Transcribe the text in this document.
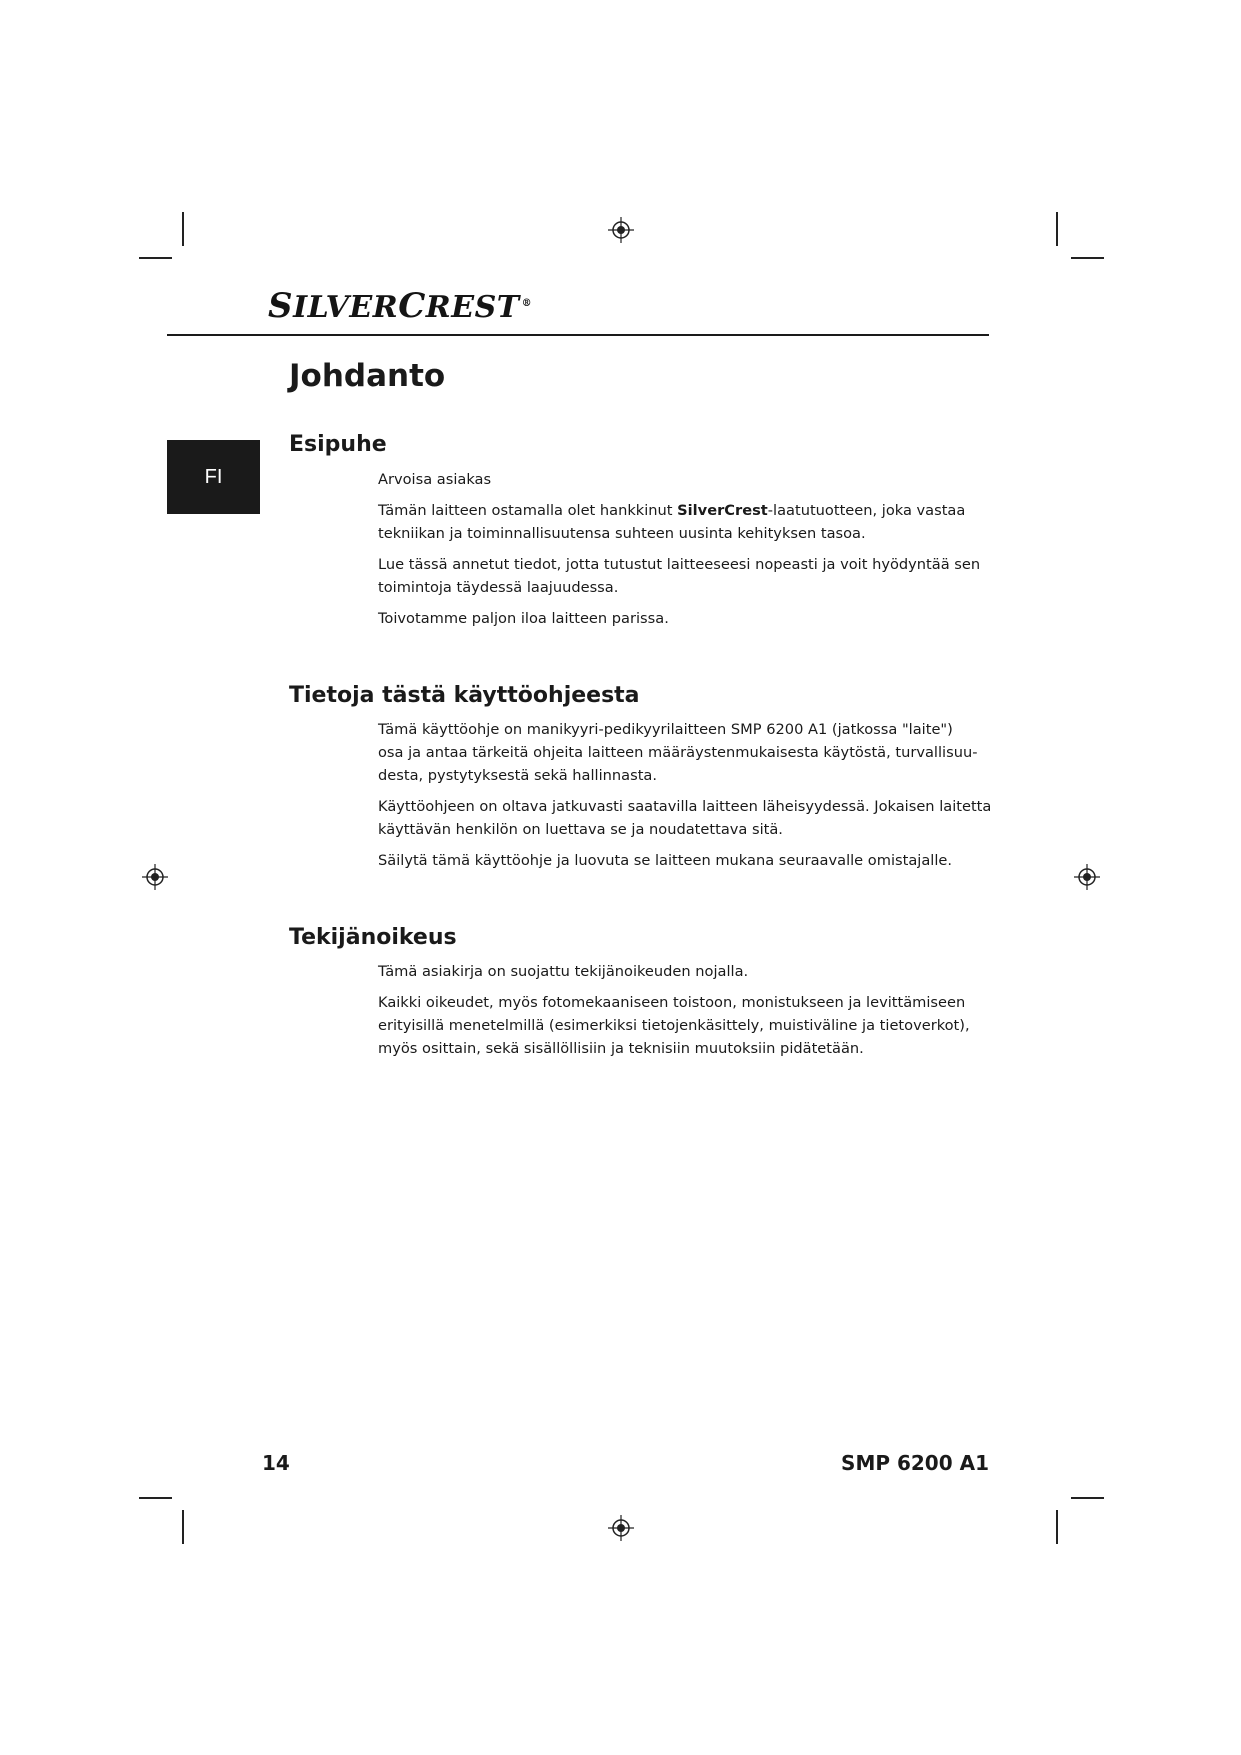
SILVERCREST ®
FI
Johdanto
Esipuhe

Arvoisa asiakas

Tämän laitteen ostamalla olet hankkinut SilverCrest-laatutuotteen, joka vastaa
tekniikan ja toiminnallisuutensa suhteen uusinta kehityksen tasoa.

Lue tässä annetut tiedot, jotta tutustut laitteeseesi nopeasti ja voit hyödyntää sen
toimintoja täydessä laajuudessa.

Toivotamme paljon iloa laitteen parissa.

Tietoja tästä käyttöohjeesta

Tämä käyttöohje on manikyyri-pedikyyrilaitteen SMP 6200 A1 (jatkossa "laite")
osa ja antaa tärkeitä ohjeita laitteen määräystenmukaisesta käytöstä, turvallisuu-
desta, pystytyksestä sekä hallinnasta.

Käyttöohjeen on oltava jatkuvasti saatavilla laitteen läheisyydessä. Jokaisen laitetta
käyttävän henkilön on luettava se ja noudatettava sitä.

Säilytä tämä käyttöohje ja luovuta se laitteen mukana seuraavalle omistajalle.

Tekijänoikeus

Tämä asiakirja on suojattu tekijänoikeuden nojalla.

Kaikki oikeudet, myös fotomekaaniseen toistoon, monistukseen ja levittämiseen
erityisillä menetelmillä (esimerkiksi tietojenkäsittely, muistiväline ja tietoverkot),
myös osittain, sekä sisällöllisiin ja teknisiin muutoksiin pidätetään.

14	SMP 6200 A1
